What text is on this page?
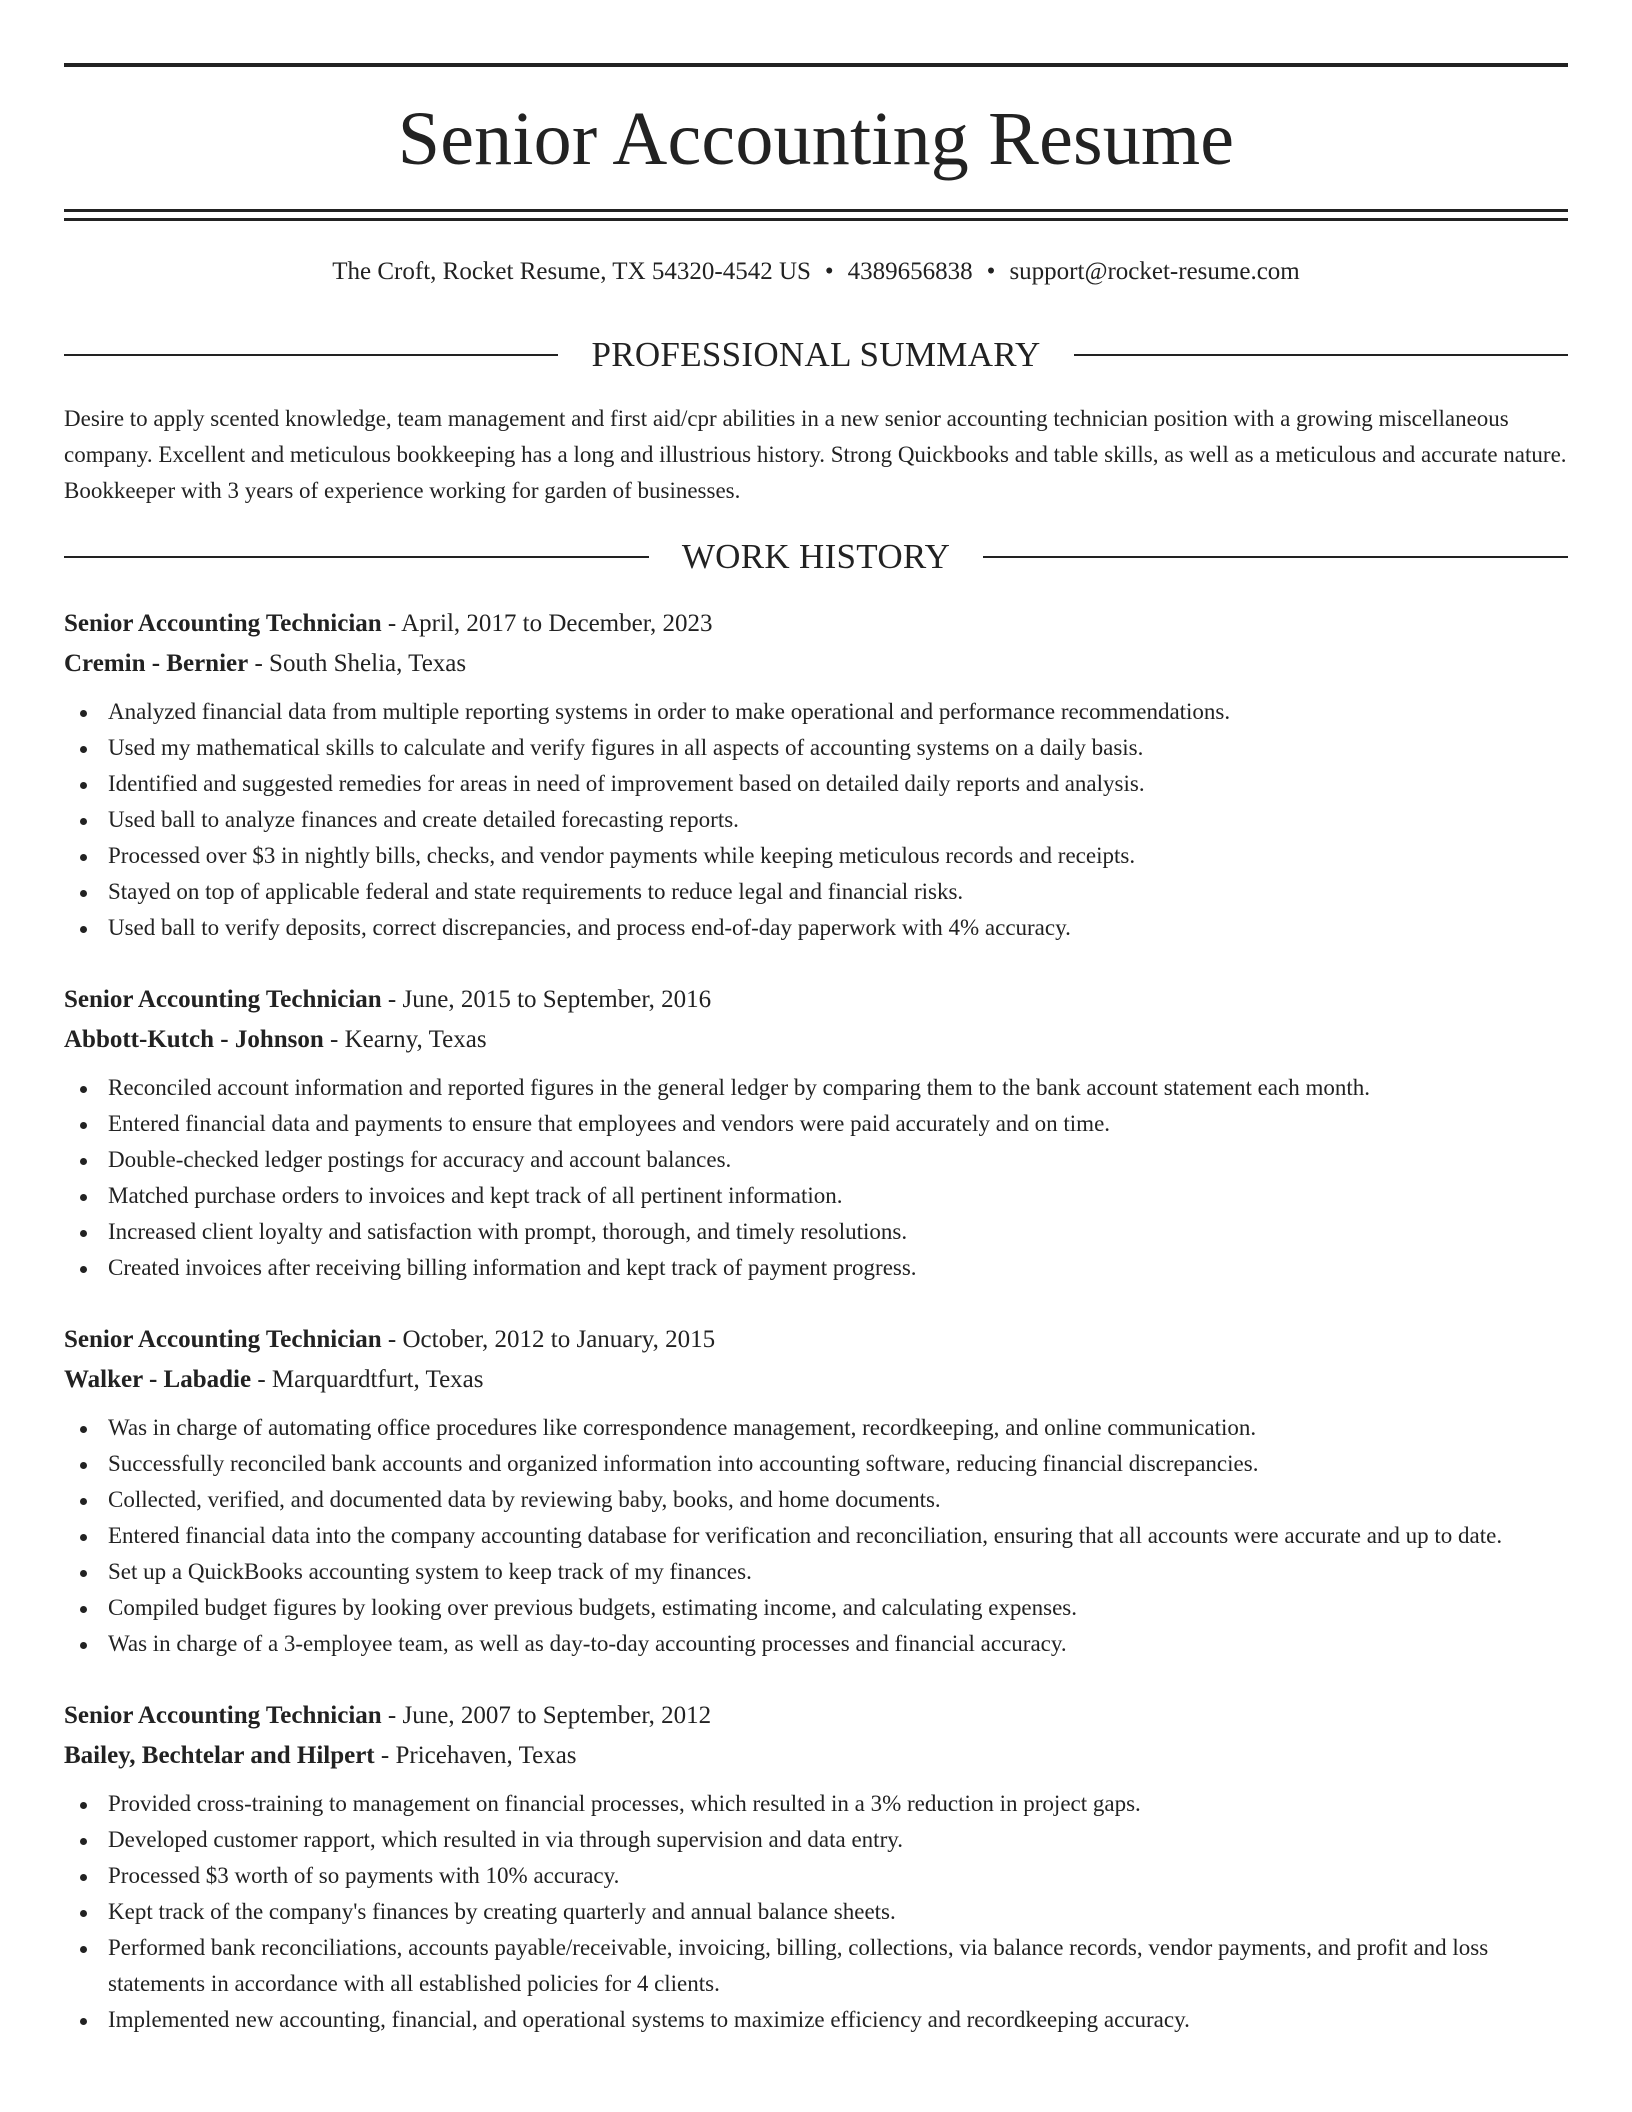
Senior Accounting Resume
The Croft, Rocket Resume, TX 54320-4542 US • 4389656838 • support@rocket-resume.com
PROFESSIONAL SUMMARY

Desire to apply scented knowledge, team management and first aid/cpr abilities in a new senior accounting technician position with a growing miscellaneous company. Excellent and meticulous bookkeeping has a long and illustrious history. Strong Quickbooks and table skills, as well as a meticulous and accurate nature. Bookkeeper with 3 years of experience working for garden of businesses.

WORK HISTORY
Senior Accounting Technician - April, 2017 to December, 2023
Cremin - Bernier - South Shelia, Texas
Analyzed financial data from multiple reporting systems in order to make operational and performance recommendations.
Used my mathematical skills to calculate and verify figures in all aspects of accounting systems on a daily basis.
Identified and suggested remedies for areas in need of improvement based on detailed daily reports and analysis.
Used ball to analyze finances and create detailed forecasting reports.
Processed over $3 in nightly bills, checks, and vendor payments while keeping meticulous records and receipts.
Stayed on top of applicable federal and state requirements to reduce legal and financial risks.
Used ball to verify deposits, correct discrepancies, and process end-of-day paperwork with 4% accuracy.
Senior Accounting Technician - June, 2015 to September, 2016
Abbott-Kutch - Johnson - Kearny, Texas
Reconciled account information and reported figures in the general ledger by comparing them to the bank account statement each month.
Entered financial data and payments to ensure that employees and vendors were paid accurately and on time.
Double-checked ledger postings for accuracy and account balances.
Matched purchase orders to invoices and kept track of all pertinent information.
Increased client loyalty and satisfaction with prompt, thorough, and timely resolutions.
Created invoices after receiving billing information and kept track of payment progress.
Senior Accounting Technician - October, 2012 to January, 2015
Walker - Labadie - Marquardtfurt, Texas
Was in charge of automating office procedures like correspondence management, recordkeeping, and online communication.
Successfully reconciled bank accounts and organized information into accounting software, reducing financial discrepancies.
Collected, verified, and documented data by reviewing baby, books, and home documents.
Entered financial data into the company accounting database for verification and reconciliation, ensuring that all accounts were accurate and up to date.
Set up a QuickBooks accounting system to keep track of my finances.
Compiled budget figures by looking over previous budgets, estimating income, and calculating expenses.
Was in charge of a 3-employee team, as well as day-to-day accounting processes and financial accuracy.
Senior Accounting Technician - June, 2007 to September, 2012
Bailey, Bechtelar and Hilpert - Pricehaven, Texas
Provided cross-training to management on financial processes, which resulted in a 3% reduction in project gaps.
Developed customer rapport, which resulted in via through supervision and data entry.
Processed $3 worth of so payments with 10% accuracy.
Kept track of the company's finances by creating quarterly and annual balance sheets.
Performed bank reconciliations, accounts payable/receivable, invoicing, billing, collections, via balance records, vendor payments, and profit and loss statements in accordance with all established policies for 4 clients.
Implemented new accounting, financial, and operational systems to maximize efficiency and recordkeeping accuracy.
